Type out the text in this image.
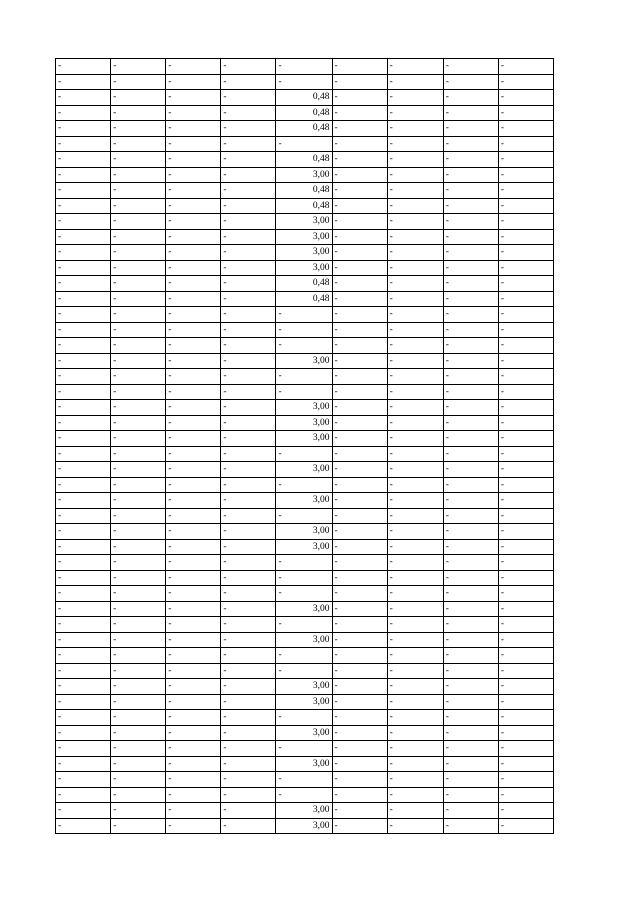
-	-	-	-	-	-	-	-	-
-	-	-	-	-	-	-	-	-
-	-	-	-	0,48	-	-	-	-
-	-	-	-	0,48	-	-	-	-
-	-	-	-	0,48	-	-	-	-
-	-	-	-	-	-	-	-	-
-	-	-	-	0,48	-	-	-	-
-	-	-	-	3,00	-	-	-	-
-	-	-	-	0,48	-	-	-	-
-	-	-	-	0,48	-	-	-	-
-	-	-	-	3,00	-	-	-	-
-	-	-	-	3,00	-	-	-	-
-	-	-	-	3,00	-	-	-	-
-	-	-	-	3,00	-	-	-	-
-	-	-	-	0,48	-	-	-	-
-	-	-	-	0,48	-	-	-	-
-	-	-	-	-	-	-	-	-
-	-	-	-	-	-	-	-	-
-	-	-	-	-	-	-	-	-
-	-	-	-	3,00	-	-	-	-
-	-	-	-	-	-	-	-	-
-	-	-	-	-	-	-	-	-
-	-	-	-	3,00	-	-	-	-
-	-	-	-	3,00	-	-	-	-
-	-	-	-	3,00	-	-	-	-
-	-	-	-	-	-	-	-	-
-	-	-	-	3,00	-	-	-	-
-	-	-	-	-	-	-	-	-
-	-	-	-	3,00	-	-	-	-
-	-	-	-	-	-	-	-	-
-	-	-	-	3,00	-	-	-	-
-	-	-	-	3,00	-	-	-	-
-	-	-	-	-	-	-	-	-
-	-	-	-	-	-	-	-	-
-	-	-	-	-	-	-	-	-
-	-	-	-	3,00	-	-	-	-
-	-	-	-	-	-	-	-	-
-	-	-	-	3,00	-	-	-	-
-	-	-	-	-	-	-	-	-
-	-	-	-	-	-	-	-	-
-	-	-	-	3,00	-	-	-	-
-	-	-	-	3,00	-	-	-	-
-	-	-	-	-	-	-	-	-
-	-	-	-	3,00	-	-	-	-
-	-	-	-	-	-	-	-	-
-	-	-	-	3,00	-	-	-	-
-	-	-	-	-	-	-	-	-
-	-	-	-	-	-	-	-	-
-	-	-	-	3,00	-	-	-	-
-	-	-	-	3,00	-	-	-	-
